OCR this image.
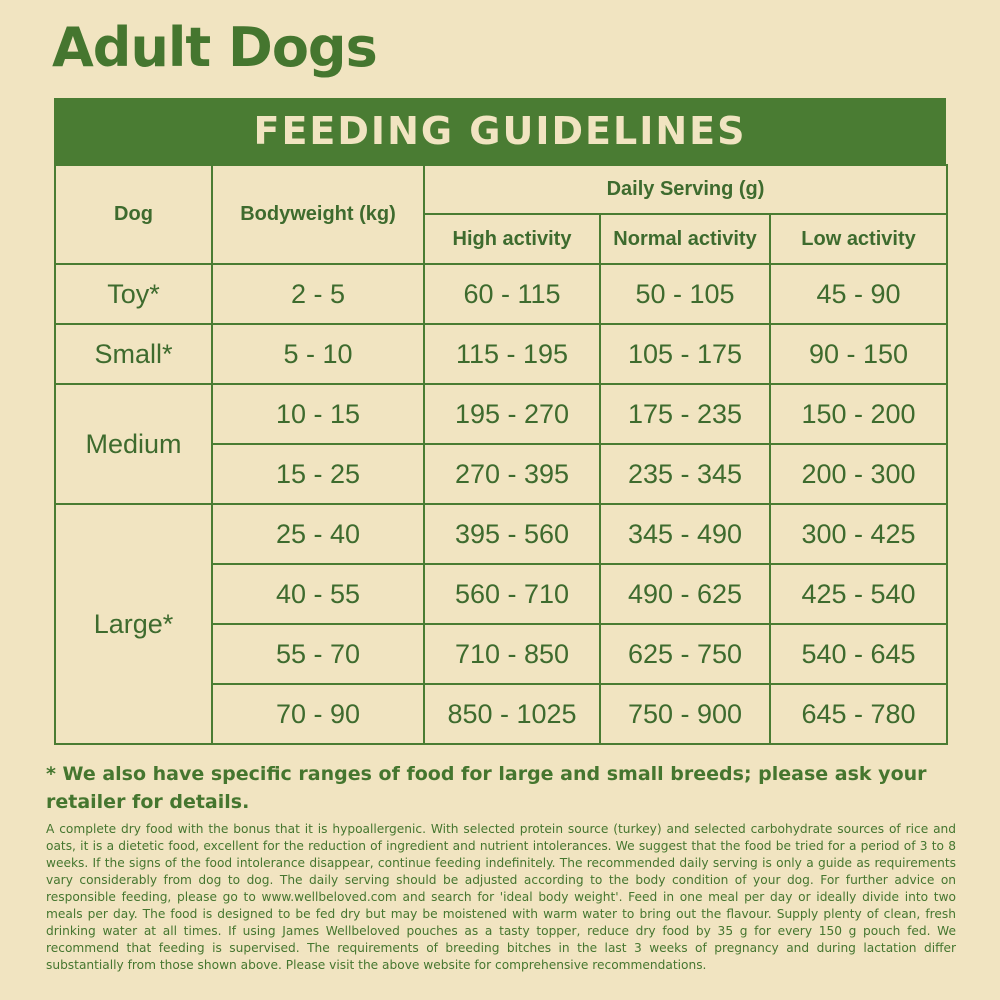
Adult Dogs
FEEDING GUIDELINES
Dog	Bodyweight (kg)	Daily Serving (g)		
		High activity	Normal activity	Low activity
Toy*	2 - 5	60 - 115	50 - 105	45 - 90
Small*	5 - 10	115 - 195	105 - 175	90 - 150
Medium	10 - 15	195 - 270	175 - 235	150 - 200
	15 - 25	270 - 395	235 - 345	200 - 300
Large*	25 - 40	395 - 560	345 - 490	300 - 425
	40 - 55	560 - 710	490 - 625	425 - 540
	55 - 70	710 - 850	625 - 750	540 - 645
	70 - 90	850 - 1025	750 - 900	645 - 780
* We also have specific ranges of food for large and small breeds; please ask your retailer for details.
A complete dry food with the bonus that it is hypoallergenic. With selected protein source (turkey) and selected carbohydrate sources of rice and oats, it is a dietetic food, excellent for the reduction of ingredient and nutrient intolerances. We suggest that the food be tried for a period of 3 to 8 weeks. If the signs of the food intolerance disappear, continue feeding indefinitely. The recommended daily serving is only a guide as requirements vary considerably from dog to dog. The daily serving should be adjusted according to the body condition of your dog. For further advice on responsible feeding, please go to www.wellbeloved.com and search for 'ideal body weight'. Feed in one meal per day or ideally divide into two meals per day. The food is designed to be fed dry but may be moistened with warm water to bring out the flavour. Supply plenty of clean, fresh drinking water at all times. If using James Wellbeloved pouches as a tasty topper, reduce dry food by 35 g for every 150 g pouch fed. We recommend that feeding is supervised. The requirements of breeding bitches in the last 3 weeks of pregnancy and during lactation differ substantially from those shown above. Please visit the above website for comprehensive recommendations.
